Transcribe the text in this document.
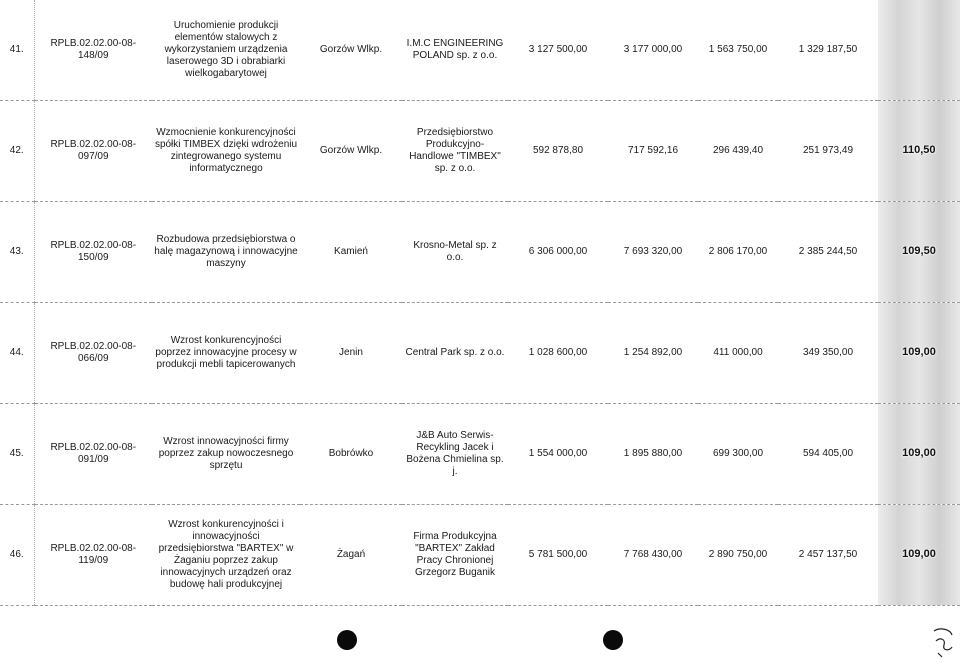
41.	RPLB.02.02.00-08-148/09	Uruchomienie produkcji elementów stalowych z wykorzystaniem urządzenia laserowego 3D i obrabiarki wielkogabarytowej	Gorzów Wlkp.	I.M.C ENGINEERING POLAND sp. z o.o.	3 127 500,00	3 177 000,00	1 563 750,00	1 329 187,50	
42.	RPLB.02.02.00-08-097/09	Wzmocnienie konkurencyjności spółki TIMBEX dzięki wdrożeniu zintegrowanego systemu informatycznego	Gorzów Wlkp.	Przedsiębiorstwo Produkcyjno-Handlowe "TIMBEX" sp. z o.o.	592 878,80	717 592,16	296 439,40	251 973,49	110,50
43.	RPLB.02.02.00-08-150/09	Rozbudowa przedsiębiorstwa o halę magazynową i innowacyjne maszyny	Kamień	Krosno-Metal sp. z o.o.	6 306 000,00	7 693 320,00	2 806 170,00	2 385 244,50	109,50
44.	RPLB.02.02.00-08-066/09	Wzrost konkurencyjności poprzez innowacyjne procesy w produkcji mebli tapicerowanych	Jenin	Central Park sp. z o.o.	1 028 600,00	1 254 892,00	411 000,00	349 350,00	109,00
45.	RPLB.02.02.00-08-091/09	Wzrost innowacyjności firmy poprzez zakup nowoczesnego sprzętu	Bobrówko	J&B Auto Serwis-Recykling Jacek i Bożena Chmielina sp. j.	1 554 000,00	1 895 880,00	699 300,00	594 405,00	109,00
46.	RPLB.02.02.00-08-119/09	Wzrost konkurencyjności i innowacyjności przedsiębiorstwa "BARTEX" w Żaganiu poprzez zakup innowacyjnych urządzeń oraz budowę hali produkcyjnej	Żagań	Firma Produkcyjna "BARTEX" Zakład Pracy Chronionej Grzegorz Buganik	5 781 500,00	7 768 430,00	2 890 750,00	2 457 137,50	109,00
